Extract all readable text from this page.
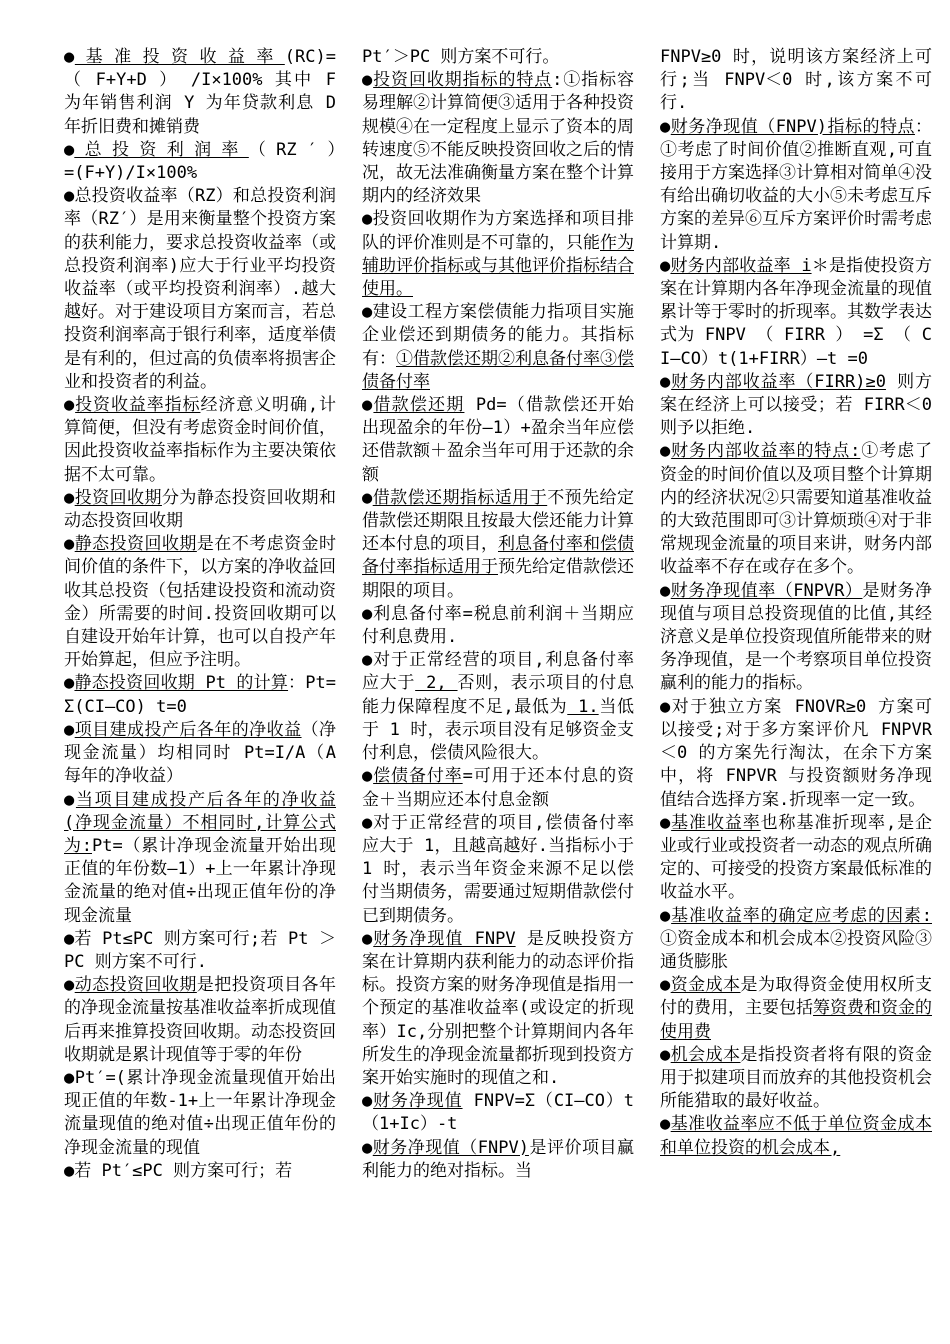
● 基 准 投 资 收 益 率 (RC)= （ F+Y+D ） /I×100% 其中 F 为年销售利润 Y 为年贷款利息 D 年折旧费和摊销费

● 总 投 资 利 润 率 （ RZ ′ ）=(F+Y)/I×100%

●总投资收益率（RZ）和总投资利润率（RZ′）是用来衡量整个投资方案的获利能力，要求总投资收益率（或总投资利润率)应大于行业平均投资收益率（或平均投资利润率）.越大越好。对于建设项目方案而言，若总投资利润率高于银行利率，适度举债是有利的，但过高的负债率将损害企业和投资者的利益。

●投资收益率指标经济意义明确,计算简便，但没有考虑资金时间价值，因此投资收益率指标作为主要决策依据不太可靠。

●投资回收期分为静态投资回收期和动态投资回收期

●静态投资回收期是在不考虑资金时间价值的条件下，以方案的净收益回收其总投资（包括建设投资和流动资金）所需要的时间.投资回收期可以自建设开始年计算，也可以自投产年开始算起，但应予注明。

●静态投资回收期 Pt 的计算：Pt=Σ(CI—CO) t=0

●项目建成投产后各年的净收益（净现金流量）均相同时 Pt=I/A（A 每年的净收益）

●当项目建成投产后各年的净收益(净现金流量）不相同时,计算公式为:Pt=（累计净现金流量开始出现正值的年份数—1）+上一年累计净现金流量的绝对值÷出现正值年份的净现金流量

●若 Pt≤PC 则方案可行;若 Pt ＞PC 则方案不可行.

●动态投资回收期是把投资项目各年的净现金流量按基准收益率折成现值后再来推算投资回收期。动态投资回收期就是累计现值等于零的年份

●Pt′=(累计净现金流量现值开始出现正值的年数-1+上一年累计净现金流量现值的绝对值÷出现正值年份的净现金流量的现值

●若 Pt′≤PC 则方案可行；若

Pt′＞PC 则方案不可行。

●投资回收期指标的特点:①指标容易理解②计算简便③适用于各种投资规模④在一定程度上显示了资本的周转速度⑤不能反映投资回收之后的情况，故无法准确衡量方案在整个计算期内的经济效果

●投资回收期作为方案选择和项目排队的评价准则是不可靠的，只能作为辅助评价指标或与其他评价指标结合使用。

●建设工程方案偿债能力指项目实施企业偿还到期债务的能力。其指标有：①借款偿还期②利息备付率③偿债备付率

●借款偿还期 Pd=（借款偿还开始出现盈余的年份—1）+盈余当年应偿还借款额＋盈余当年可用于还款的余额

●借款偿还期指标适用于不预先给定借款偿还期限且按最大偿还能力计算还本付息的项目，利息备付率和偿债备付率指标适用于预先给定借款偿还期限的项目。

●利息备付率=税息前利润＋当期应付利息费用.

●对于正常经营的项目,利息备付率应大于 2, 否则，表示项目的付息能力保障程度不足,最低为 1.当低于 1 时，表示项目没有足够资金支付利息，偿债风险很大。

●偿债备付率=可用于还本付息的资金＋当期应还本付息金额

●对于正常经营的项目,偿债备付率应大于 1，且越高越好.当指标小于 1 时，表示当年资金来源不足以偿付当期债务，需要通过短期借款偿付已到期债务。

●财务净现值 FNPV 是反映投资方案在计算期内获利能力的动态评价指标。投资方案的财务净现值是指用一个预定的基准收益率(或设定的折现率）Ic,分别把整个计算期间内各年所发生的净现金流量都折现到投资方案开始实施时的现值之和.

●财务净现值 FNPV=Σ（CI—CO）t （1+Ic）-t

●财务净现值（FNPV)是评价项目赢利能力的绝对指标。当

FNPV≥0 时，说明该方案经济上可行;当 FNPV＜0 时,该方案不可行.

●财务净现值（FNPV)指标的特点：①考虑了时间价值②推断直观,可直接用于方案选择③计算相对简单④没有给出确切收益的大小⑤未考虑互斥方案的差异⑥互斥方案评价时需考虑计算期.

●财务内部收益率 i＊是指使投资方案在计算期内各年净现金流量的现值累计等于零时的折现率。其数学表达式为 FNPV （ FIRR ） =Σ （ CI—CO）t(1+FIRR）—t =0

●财务内部收益率（FIRR)≥0 则方案在经济上可以接受；若 FIRR＜0 则予以拒绝.

●财务内部收益率的特点:①考虑了资金的时间价值以及项目整个计算期内的经济状况②只需要知道基准收益的大致范围即可③计算烦琐④对于非常规现金流量的项目来讲，财务内部收益率不存在或存在多个。

●财务净现值率（FNPVR）是财务净现值与项目总投资现值的比值,其经济意义是单位投资现值所能带来的财务净现值，是一个考察项目单位投资赢利的能力的指标。

●对于独立方案 FNOVR≥0 方案可以接受;对于多方案评价凡 FNPVR＜0 的方案先行淘汰，在余下方案中，将 FNPVR 与投资额财务净现值结合选择方案.折现率一定一致。

●基准收益率也称基准折现率,是企业或行业或投资者一动态的观点所确定的、可接受的投资方案最低标准的收益水平。

●基准收益率的确定应考虑的因素: ①资金成本和机会成本②投资风险③通货膨胀

●资金成本是为取得资金使用权所支付的费用，主要包括筹资费和资金的使用费

●机会成本是指投资者将有限的资金用于拟建项目而放弃的其他投资机会所能猎取的最好收益。

●基准收益率应不低于单位资金成本和单位投资的机会成本,
